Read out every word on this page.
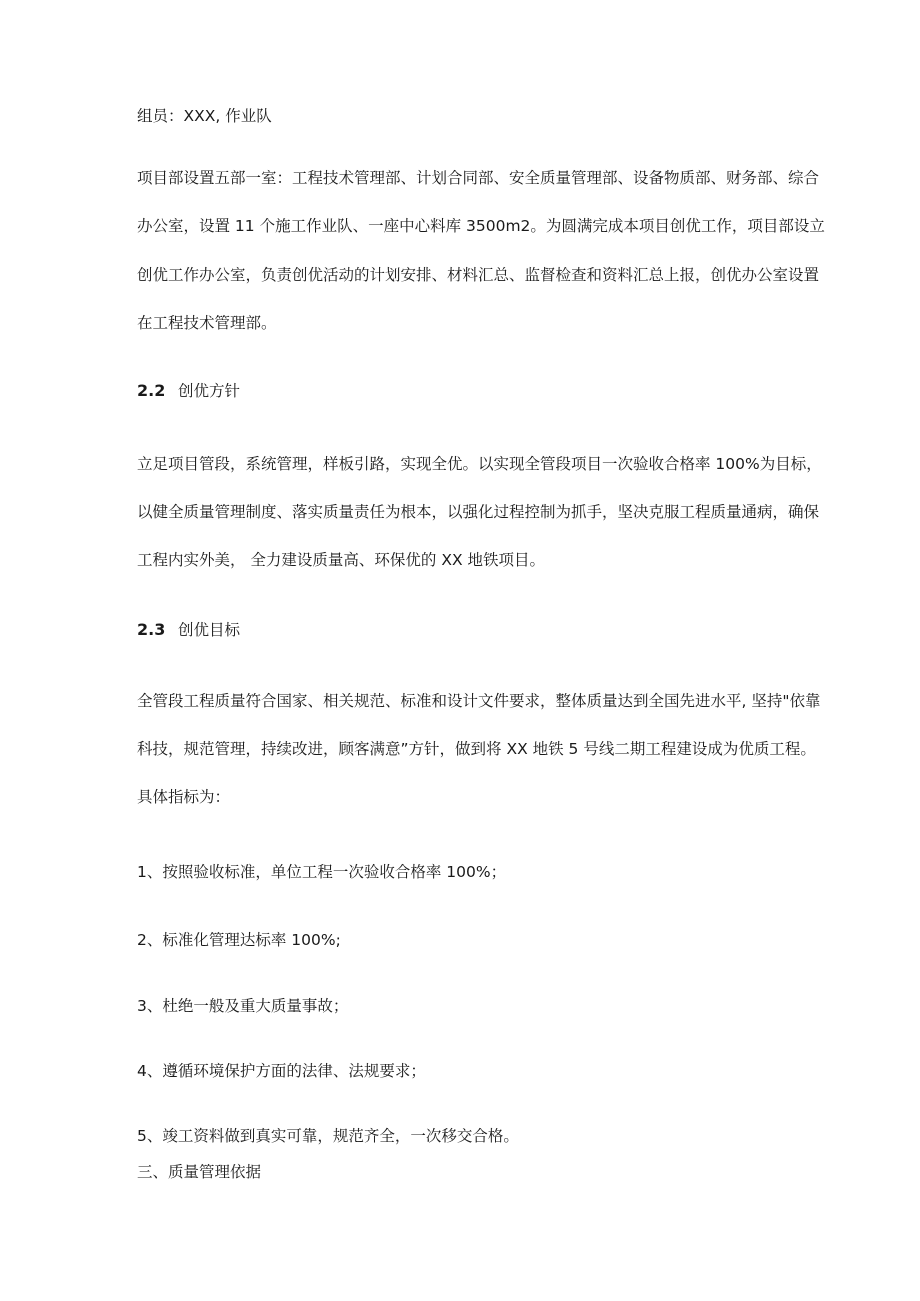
组员：XXX, 作业队
项目部设置五部一室：工程技术管理部、计划合同部、安全质量管理部、设备物质部、财务部、综合
办公室，设置 11 个施工作业队、一座中心料库 3500m2。为圆满完成本项目创优工作，项目部设立
创优工作办公室，负责创优活动的计划安排、材料汇总、监督检查和资料汇总上报，创优办公室设置
在工程技术管理部。
2.2 创优方针
立足项目管段，系统管理，样板引路，实现全优。以实现全管段项目一次验收合格率 100%为目标，
以健全质量管理制度、落实质量责任为根本，以强化过程控制为抓手，坚决克服工程质量通病，确保
工程内实外美， 全力建设质量高、环保优的 XX 地铁项目。
2.3 创优目标
全管段工程质量符合国家、相关规范、标准和设计文件要求，整体质量达到全国先进水平, 坚持"依靠
科技，规范管理，持续改进，顾客满意”方针，做到将 XX 地铁 5 号线二期工程建设成为优质工程。
具体指标为：
1、按照验收标准，单位工程一次验收合格率 100%；
2、标准化管理达标率 100%;
3、杜绝一般及重大质量事故；
4、遵循环境保护方面的法律、法规要求；
5、竣工资料做到真实可靠，规范齐全，一次移交合格。
三、质量管理依据
